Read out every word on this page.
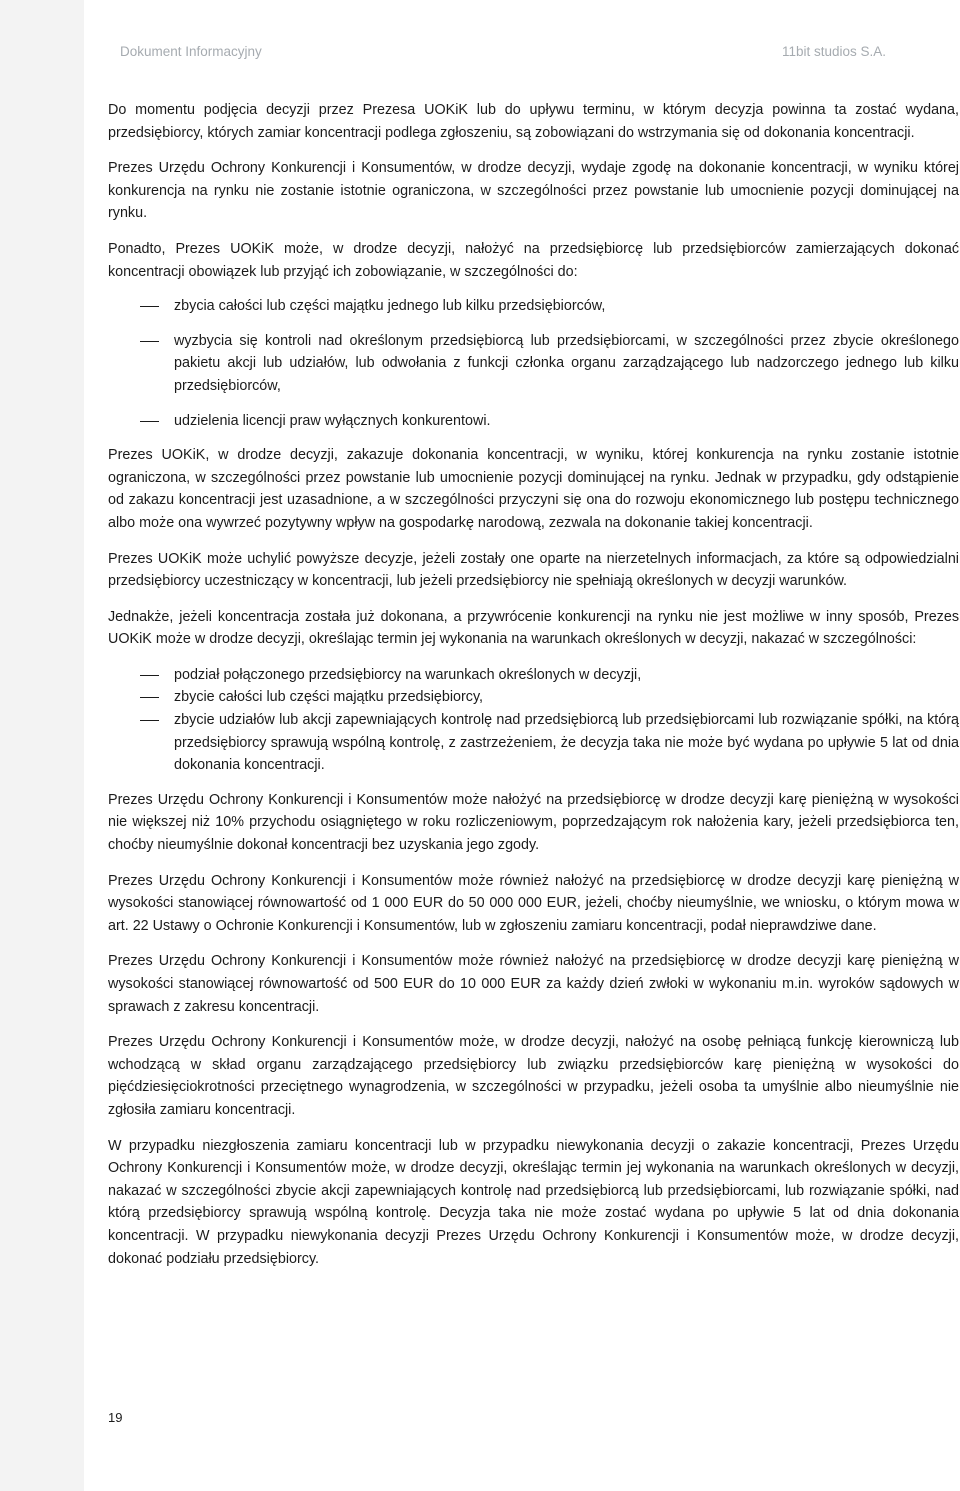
Dokument Informacyjny	11bit studios S.A.

Do momentu podjęcia decyzji przez Prezesa UOKiK lub do upływu terminu, w którym decyzja powinna ta zostać wydana, przedsiębiorcy, których zamiar koncentracji podlega zgłoszeniu, są zobowiązani do wstrzymania się od dokonania koncentracji.

Prezes Urzędu Ochrony Konkurencji i Konsumentów, w drodze decyzji, wydaje zgodę na dokonanie koncentracji, w wyniku której konkurencja na rynku nie zostanie istotnie ograniczona, w szczególności przez powstanie lub umocnienie pozycji dominującej na rynku.

Ponadto, Prezes UOKiK może, w drodze decyzji, nałożyć na przedsiębiorcę lub przedsiębiorców zamierzających dokonać koncentracji obowiązek lub przyjąć ich zobowiązanie, w szczególności do:

zbycia całości lub części majątku jednego lub kilku przedsiębiorców,
wyzbycia się kontroli nad określonym przedsiębiorcą lub przedsiębiorcami, w szczególności przez zbycie określonego pakietu akcji lub udziałów, lub odwołania z funkcji członka organu zarządzającego lub nadzorczego jednego lub kilku przedsiębiorców,
udzielenia licencji praw wyłącznych konkurentowi.

Prezes UOKiK, w drodze decyzji, zakazuje dokonania koncentracji, w wyniku, której konkurencja na rynku zostanie istotnie ograniczona, w szczególności przez powstanie lub umocnienie pozycji dominującej na rynku. Jednak w przypadku, gdy odstąpienie od zakazu koncentracji jest uzasadnione, a w szczególności przyczyni się ona do rozwoju ekonomicznego lub postępu technicznego albo może ona wywrzeć pozytywny wpływ na gospodarkę narodową, zezwala na dokonanie takiej koncentracji.

Prezes UOKiK może uchylić powyższe decyzje, jeżeli zostały one oparte na nierzetelnych informacjach, za które są odpowiedzialni przedsiębiorcy uczestniczący w koncentracji, lub jeżeli przedsiębiorcy nie spełniają określonych w decyzji warunków.

Jednakże, jeżeli koncentracja została już dokonana, a przywrócenie konkurencji na rynku nie jest możliwe w inny sposób, Prezes UOKiK może w drodze decyzji, określając termin jej wykonania na warunkach określonych w decyzji, nakazać w szczególności:

podział połączonego przedsiębiorcy na warunkach określonych w decyzji,
zbycie całości lub części majątku przedsiębiorcy,
zbycie udziałów lub akcji zapewniających kontrolę nad przedsiębiorcą lub przedsiębiorcami lub rozwiązanie spółki, na którą przedsiębiorcy sprawują wspólną kontrolę, z zastrzeżeniem, że decyzja taka nie może być wydana po upływie 5 lat od dnia dokonania koncentracji.

Prezes Urzędu Ochrony Konkurencji i Konsumentów może nałożyć na przedsiębiorcę w drodze decyzji karę pieniężną w wysokości nie większej niż 10% przychodu osiągniętego w roku rozliczeniowym, poprzedzającym rok nałożenia kary, jeżeli przedsiębiorca ten, choćby nieumyślnie dokonał koncentracji bez uzyskania jego zgody.

Prezes Urzędu Ochrony Konkurencji i Konsumentów może również nałożyć na przedsiębiorcę w drodze decyzji karę pieniężną w wysokości stanowiącej równowartość od 1 000 EUR do 50 000 000 EUR, jeżeli, choćby nieumyślnie, we wniosku, o którym mowa w art. 22 Ustawy o Ochronie Konkurencji i Konsumentów, lub w zgłoszeniu zamiaru koncentracji, podał nieprawdziwe dane.

Prezes Urzędu Ochrony Konkurencji i Konsumentów może również nałożyć na przedsiębiorcę w drodze decyzji karę pieniężną w wysokości stanowiącej równowartość od 500 EUR do 10 000 EUR za każdy dzień zwłoki w wykonaniu m.in. wyroków sądowych w sprawach z zakresu koncentracji.

Prezes Urzędu Ochrony Konkurencji i Konsumentów może, w drodze decyzji, nałożyć na osobę pełniącą funkcję kierowniczą lub wchodzącą w skład organu zarządzającego przedsiębiorcy lub związku przedsiębiorców karę pieniężną w wysokości do pięćdziesięciokrotności przeciętnego wynagrodzenia, w szczególności w przypadku, jeżeli osoba ta umyślnie albo nieumyślnie nie zgłosiła zamiaru koncentracji.

W przypadku niezgłoszenia zamiaru koncentracji lub w przypadku niewykonania decyzji o zakazie koncentracji, Prezes Urzędu Ochrony Konkurencji i Konsumentów może, w drodze decyzji, określając termin jej wykonania na warunkach określonych w decyzji, nakazać w szczególności zbycie akcji zapewniających kontrolę nad przedsiębiorcą lub przedsiębiorcami, lub rozwiązanie spółki, nad którą przedsiębiorcy sprawują wspólną kontrolę. Decyzja taka nie może zostać wydana po upływie 5 lat od dnia dokonania koncentracji. W przypadku niewykonania decyzji Prezes Urzędu Ochrony Konkurencji i Konsumentów może, w drodze decyzji, dokonać podziału przedsiębiorcy.

19
